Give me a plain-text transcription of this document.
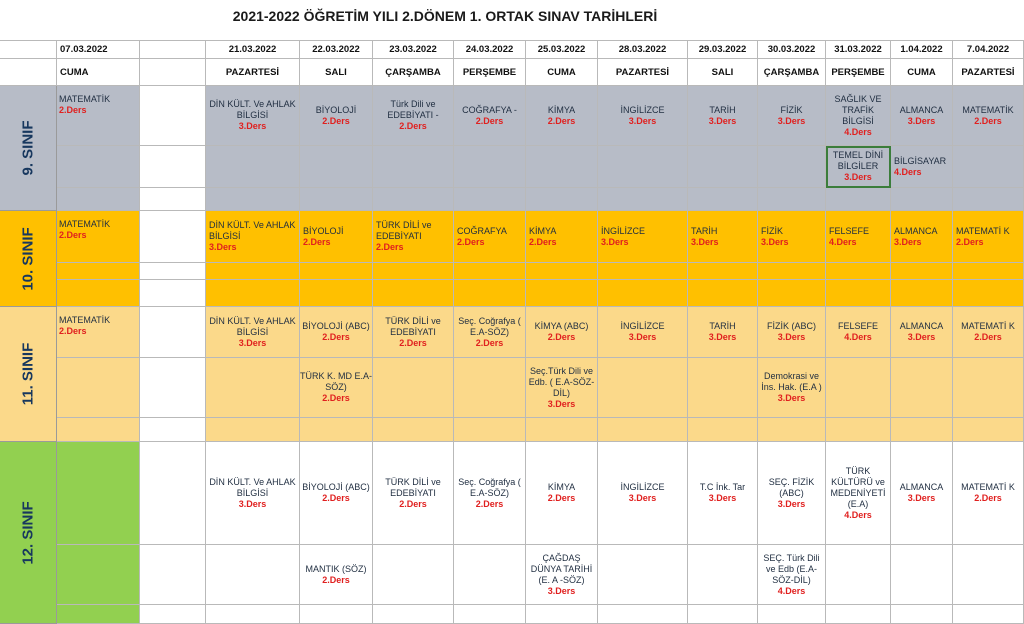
2021-2022 ÖĞRETİM YILI 2.DÖNEM 1. ORTAK SINAV TARİHLERİ
07.03.2022
CUMA
21.03.2022
PAZARTESİ
22.03.2022
SALI
23.03.2022
ÇARŞAMBA
24.03.2022
PERŞEMBE
25.03.2022
CUMA
28.03.2022
PAZARTESİ
29.03.2022
SALI
30.03.2022
ÇARŞAMBA
31.03.2022
PERŞEMBE
1.04.2022
CUMA
7.04.2022
PAZARTESİ
9. SINIF
MATEMATİK
2.Ders
DİN KÜLT. Ve AHLAK BİLGİSİ
3.Ders
BİYOLOJİ
2.Ders
Türk Dili ve EDEBİYATI -
2.Ders
COĞRAFYA -
2.Ders
KİMYA
2.Ders
İNGİLİZCE
3.Ders
TARİH
3.Ders
FİZİK
3.Ders
SAĞLIK VE TRAFİK BİLGİSİ
4.Ders
ALMANCA
3.Ders
MATEMATİK
2.Ders
TEMEL DİNİ BİLGİLER
3.Ders
BİLGİSAYAR
4.Ders
10. SINIF
MATEMATİK
2.Ders
DİN KÜLT. Ve AHLAK BİLGİSİ
3.Ders
BİYOLOJİ
2.Ders
TÜRK DİLİ ve EDEBİYATI
2.Ders
COĞRAFYA
2.Ders
KİMYA
2.Ders
İNGİLİZCE
3.Ders
TARİH
3.Ders
FİZİK
3.Ders
FELSEFE
4.Ders
ALMANCA
3.Ders
MATEMATİ K
2.Ders
11. SINIF
MATEMATİK
2.Ders
DİN KÜLT. Ve AHLAK BİLGİSİ
3.Ders
BİYOLOJİ (ABC)
2.Ders
TÜRK DİLİ ve EDEBİYATI
2.Ders
Seç. Coğrafya ( E.A-SÖZ)
2.Ders
KİMYA (ABC)
2.Ders
İNGİLİZCE
3.Ders
TARİH
3.Ders
FİZİK (ABC)
3.Ders
FELSEFE
4.Ders
ALMANCA
3.Ders
MATEMATİ K
2.Ders
TÜRK K. MD E.A- SÖZ)
2.Ders
Seç.Türk Dili ve Edb. ( E.A-SÖZ-DİL)
3.Ders
Demokrasi ve İns. Hak. (E.A )
3.Ders
12. SINIF
DİN KÜLT. Ve AHLAK BİLGİSİ
3.Ders
BİYOLOJİ (ABC)
2.Ders
TÜRK DİLİ ve EDEBİYATI
2.Ders
Seç. Coğrafya ( E.A-SÖZ)
2.Ders
KİMYA
2.Ders
İNGİLİZCE
3.Ders
T.C İnk. Tar
3.Ders
SEÇ. FİZİK (ABC)
3.Ders
TÜRK KÜLTÜRÜ ve MEDENİYETİ (E.A)
4.Ders
ALMANCA
3.Ders
MATEMATİ K
2.Ders
MANTIK (SÖZ)
2.Ders
ÇAĞDAŞ DÜNYA TARİHİ (E. A -SÖZ)
3.Ders
SEÇ. Türk Dili ve Edb (E.A-SÖZ-DİL)
4.Ders
